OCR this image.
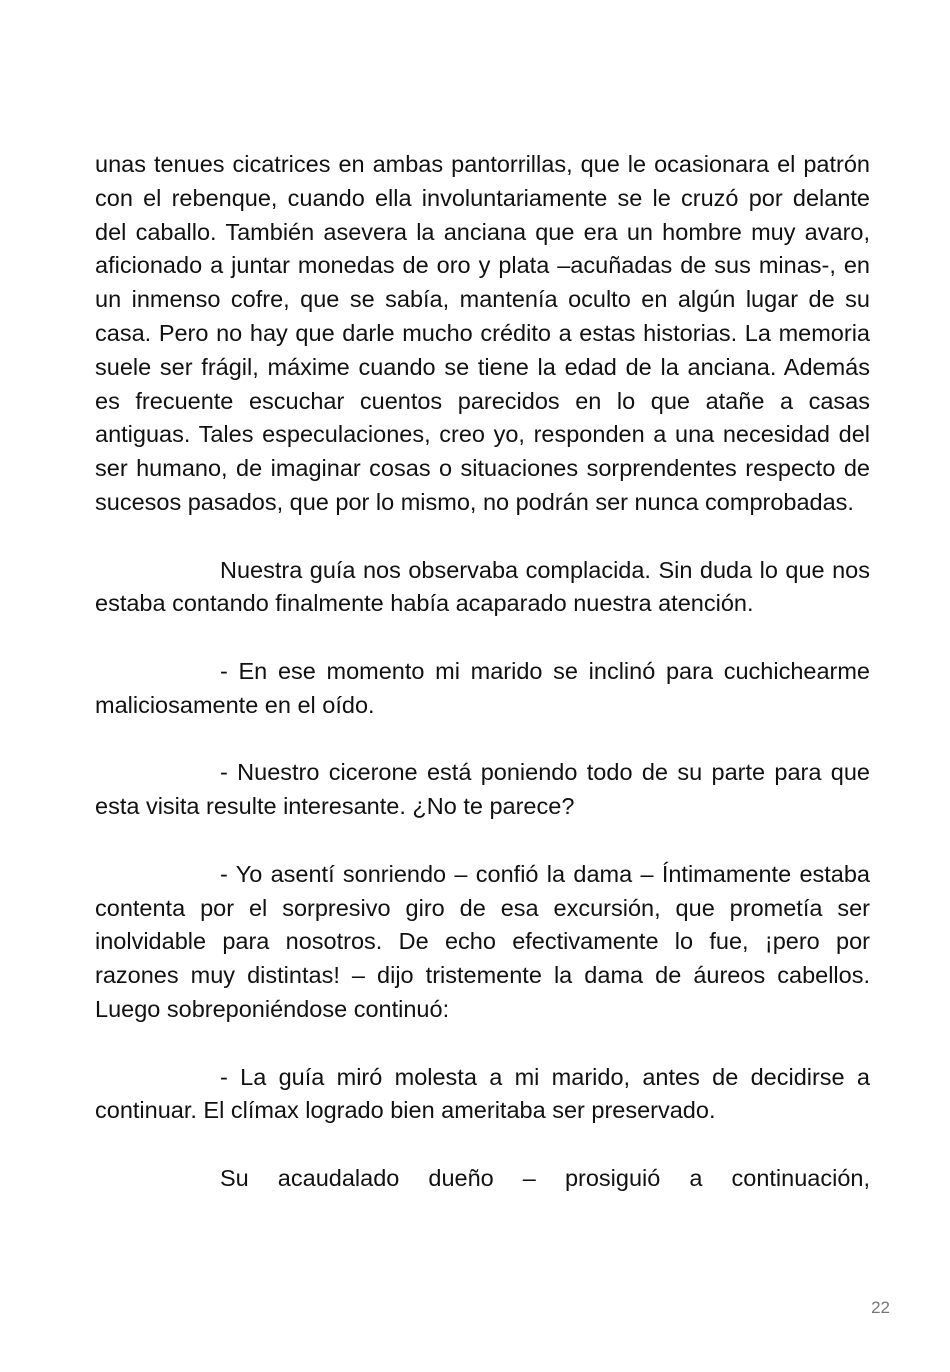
unas tenues cicatrices en ambas pantorrillas, que le ocasionara el patrón con el rebenque, cuando ella involuntariamente se le cruzó por delante del caballo. También asevera la anciana que era un hombre muy avaro, aficionado a juntar monedas de oro y plata –acuñadas de sus minas-, en un inmenso cofre, que se sabía, mantenía oculto en algún lugar de su casa. Pero no hay que darle mucho crédito a estas historias. La memoria suele ser frágil, máxime cuando se tiene la edad de la anciana. Además es frecuente escuchar cuentos parecidos en lo que atañe a casas antiguas. Tales especulaciones, creo yo, responden a una necesidad del ser humano, de imaginar cosas o situaciones sorprendentes respecto de sucesos pasados, que por lo mismo, no podrán ser nunca comprobadas.

Nuestra guía nos observaba complacida. Sin duda lo que nos estaba contando finalmente había acaparado nuestra atención.

- En ese momento mi marido se inclinó para cuchichearme maliciosamente en el oído.

- Nuestro cicerone está poniendo todo de su parte para que esta visita resulte interesante. ¿No te parece?

- Yo asentí sonriendo – confió la dama – Íntimamente estaba contenta por el sorpresivo giro de esa excursión, que prometía ser inolvidable para nosotros. De echo efectivamente lo fue, ¡pero por razones muy distintas! – dijo tristemente la dama de áureos cabellos. Luego sobreponiéndose continuó:

- La guía miró molesta a mi marido, antes de decidirse a continuar. El clímax logrado bien ameritaba ser preservado.

Su acaudalado dueño – prosiguió a continuación,

22
